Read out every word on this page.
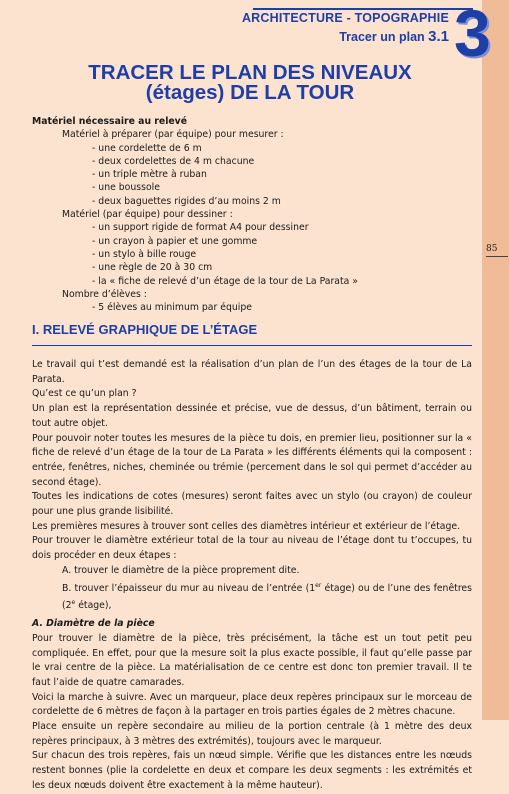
85
ARCHITECTURE - TOPOGRAPHIE
Tracer un plan 3.1 3
TRACER LE PLAN DES NIVEAUX
(étages) DE LA TOUR
Matériel nécessaire au relevé
Matériel à préparer (par équipe) pour mesurer :
- une cordelette de 6 m
- deux cordelettes de 4 m chacune
- un triple mètre à ruban
- une boussole
- deux baguettes rigides d’au moins 2 m
Matériel (par équipe) pour dessiner :
- un support rigide de format A4 pour dessiner
- un crayon à papier et une gomme
- un stylo à bille rouge
- une règle de 20 à 30 cm
- la « fiche de relevé d’un étage de la tour de La Parata »
Nombre d’élèves :
- 5 élèves au minimum par équipe
I. RELEVÉ GRAPHIQUE DE L’ÉTAGE

Le travail qui t’est demandé est la réalisation d’un plan de l’un des étages de la tour de La Parata.

Qu’est ce qu’un plan ?

Un plan est la représentation dessinée et précise, vue de dessus, d’un bâtiment, terrain ou tout autre objet.

Pour pouvoir noter toutes les mesures de la pièce tu dois, en premier lieu, positionner sur la « fiche de relevé d’un étage de la tour de La Parata » les différents éléments qui la composent : entrée, fenêtres, niches, cheminée ou trémie (percement dans le sol qui permet d’accéder au second étage).

Toutes les indications de cotes (mesures) seront faites avec un stylo (ou crayon) de couleur pour une plus grande lisibilité.

Les premières mesures à trouver sont celles des diamètres intérieur et extérieur de l’étage.

Pour trouver le diamètre extérieur total de la tour au niveau de l’étage dont tu t’occupes, tu dois procéder en deux étapes :

A. trouver le diamètre de la pièce proprement dite.

B. trouver l’épaisseur du mur au niveau de l’entrée (1er étage) ou de l’une des fenêtres (2e étage),

A. Diamètre de la pièce

Pour trouver le diamètre de la pièce, très précisément, la tâche est un tout petit peu compliquée. En effet, pour que la mesure soit la plus exacte possible, il faut qu’elle passe par le vrai centre de la pièce. La matérialisation de ce centre est donc ton premier travail. Il te faut l’aide de quatre camarades.

Voici la marche à suivre. Avec un marqueur, place deux repères principaux sur le morceau de cordelette de 6 mètres de façon à la partager en trois parties égales de 2 mètres chacune.

Place ensuite un repère secondaire au milieu de la portion centrale (à 1 mètre des deux repères principaux, à 3 mètres des extrémités), toujours avec le marqueur.

Sur chacun des trois repères, fais un nœud simple. Vérifie que les distances entre les nœuds restent bonnes (plie la cordelette en deux et compare les deux segments : les extrémités et les deux nœuds doivent être exactement à la même hauteur).
